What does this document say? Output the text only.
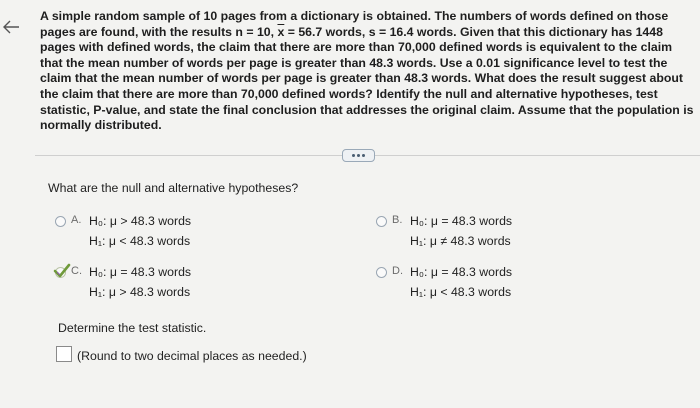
A simple random sample of 10 pages from a dictionary is obtained. The numbers of words defined on those pages are found, with the results n = 10, $\overline{x} = 56.7$ words, s = 16.4 words. Given that this dictionary has 1448 pages with defined words, the claim that there are more than 70,000 defined words is equivalent to the claim that the mean number of words per page is greater than 48.3 words. Use a 0.01 significance level to test the claim that the mean number of words per page is greater than 48.3 words. What does the result suggest about the claim that there are more than 70,000 defined words? Identify the null and alternative hypotheses, test statistic, P-value, and state the final conclusion that addresses the original claim. Assume that the population is normally distributed.
What are the null and alternative hypotheses?
A. H₀: μ > 48.3 words
H₁: μ < 48.3 words
B. H₀: μ = 48.3 words
H₁: μ ≠ 48.3 words
C. H₀: μ = 48.3 words
H₁: μ > 48.3 words
D. H₀: μ = 48.3 words
H₁: μ < 48.3 words
Determine the test statistic.
(Round to two decimal places as needed.)
